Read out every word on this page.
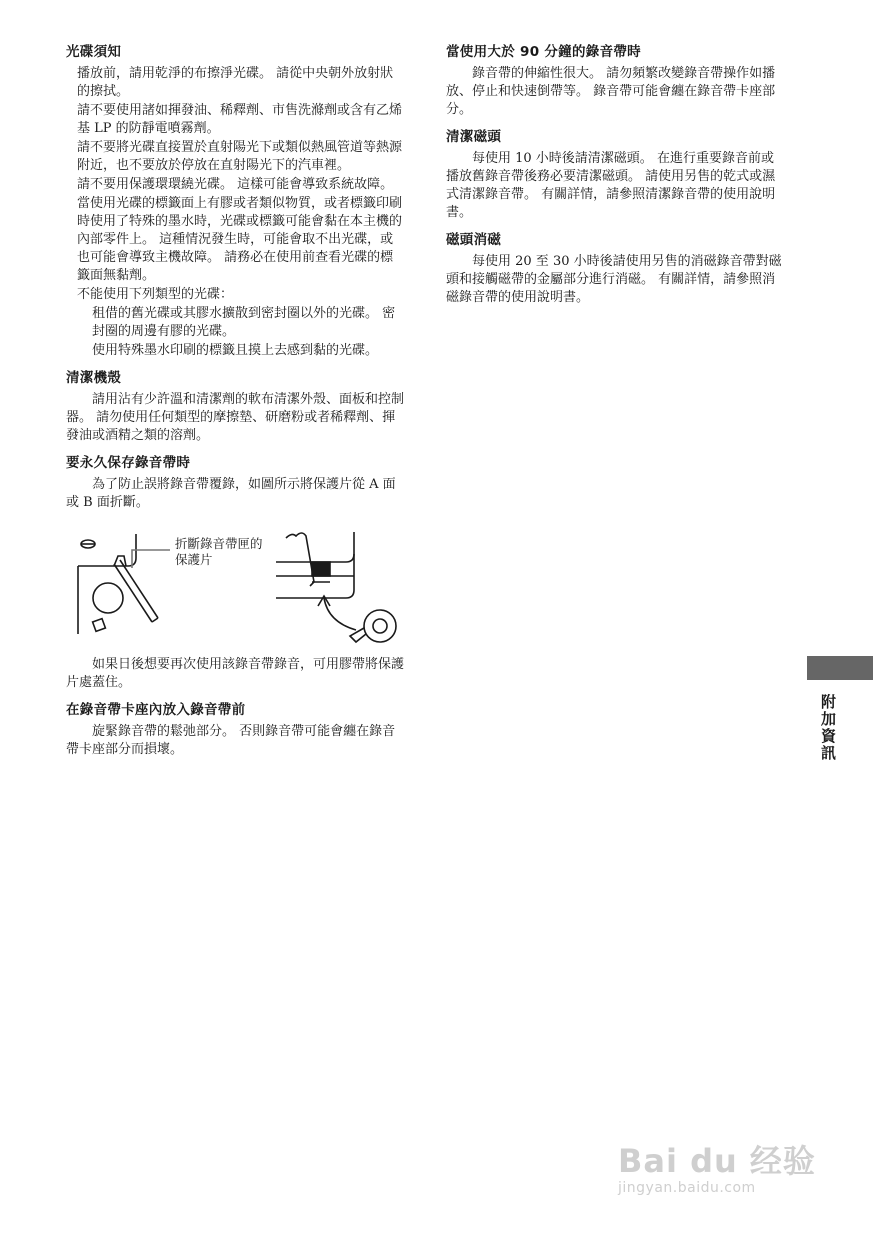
光碟須知

播放前，請用乾淨的布擦淨光碟。 請從中央朝外放射狀的擦拭。

請不要使用諸如揮發油、稀釋劑、市售洗滌劑或含有乙烯基 LP 的防靜電噴霧劑。

請不要將光碟直接置於直射陽光下或類似熱風管道等熱源附近，也不要放於停放在直射陽光下的汽車裡。

請不要用保護環環繞光碟。 這樣可能會導致系統故障。

當使用光碟的標籤面上有膠或者類似物質，或者標籤印刷時使用了特殊的墨水時，光碟或標籤可能會黏在本主機的內部零件上。 這種情況發生時，可能會取不出光碟，或也可能會導致主機故障。 請務必在使用前查看光碟的標籤面無黏劑。

不能使用下列類型的光碟：

租借的舊光碟或其膠水擴散到密封圈以外的光碟。 密封圈的周邊有膠的光碟。

使用特殊墨水印刷的標籤且摸上去感到黏的光碟。

清潔機殼

請用沾有少許溫和清潔劑的軟布清潔外殼、面板和控制器。 請勿使用任何類型的摩擦墊、研磨粉或者稀釋劑、揮發油或酒精之類的溶劑。

要永久保存錄音帶時

為了防止誤將錄音帶覆錄，如圖所示將保護片從 A 面或 B 面折斷。

折斷錄音帶匣的保護片

如果日後想要再次使用該錄音帶錄音，可用膠帶將保護片處蓋住。

在錄音帶卡座內放入錄音帶前

旋緊錄音帶的鬆弛部分。 否則錄音帶可能會纏在錄音帶卡座部分而損壞。

當使用大於 90 分鐘的錄音帶時

錄音帶的伸縮性很大。 請勿頻繁改變錄音帶操作如播放、停止和快速倒帶等。 錄音帶可能會纏在錄音帶卡座部分。

清潔磁頭

每使用 10 小時後請清潔磁頭。 在進行重要錄音前或播放舊錄音帶後務必要清潔磁頭。 請使用另售的乾式或濕式清潔錄音帶。 有關詳情，請參照清潔錄音帶的使用說明書。

磁頭消磁

每使用 20 至 30 小時後請使用另售的消磁錄音帶對磁頭和接觸磁帶的金屬部分進行消磁。 有關詳情，請參照消磁錄音帶的使用說明書。

附加資訊
Bai du 经验
jingyan.baidu.com
